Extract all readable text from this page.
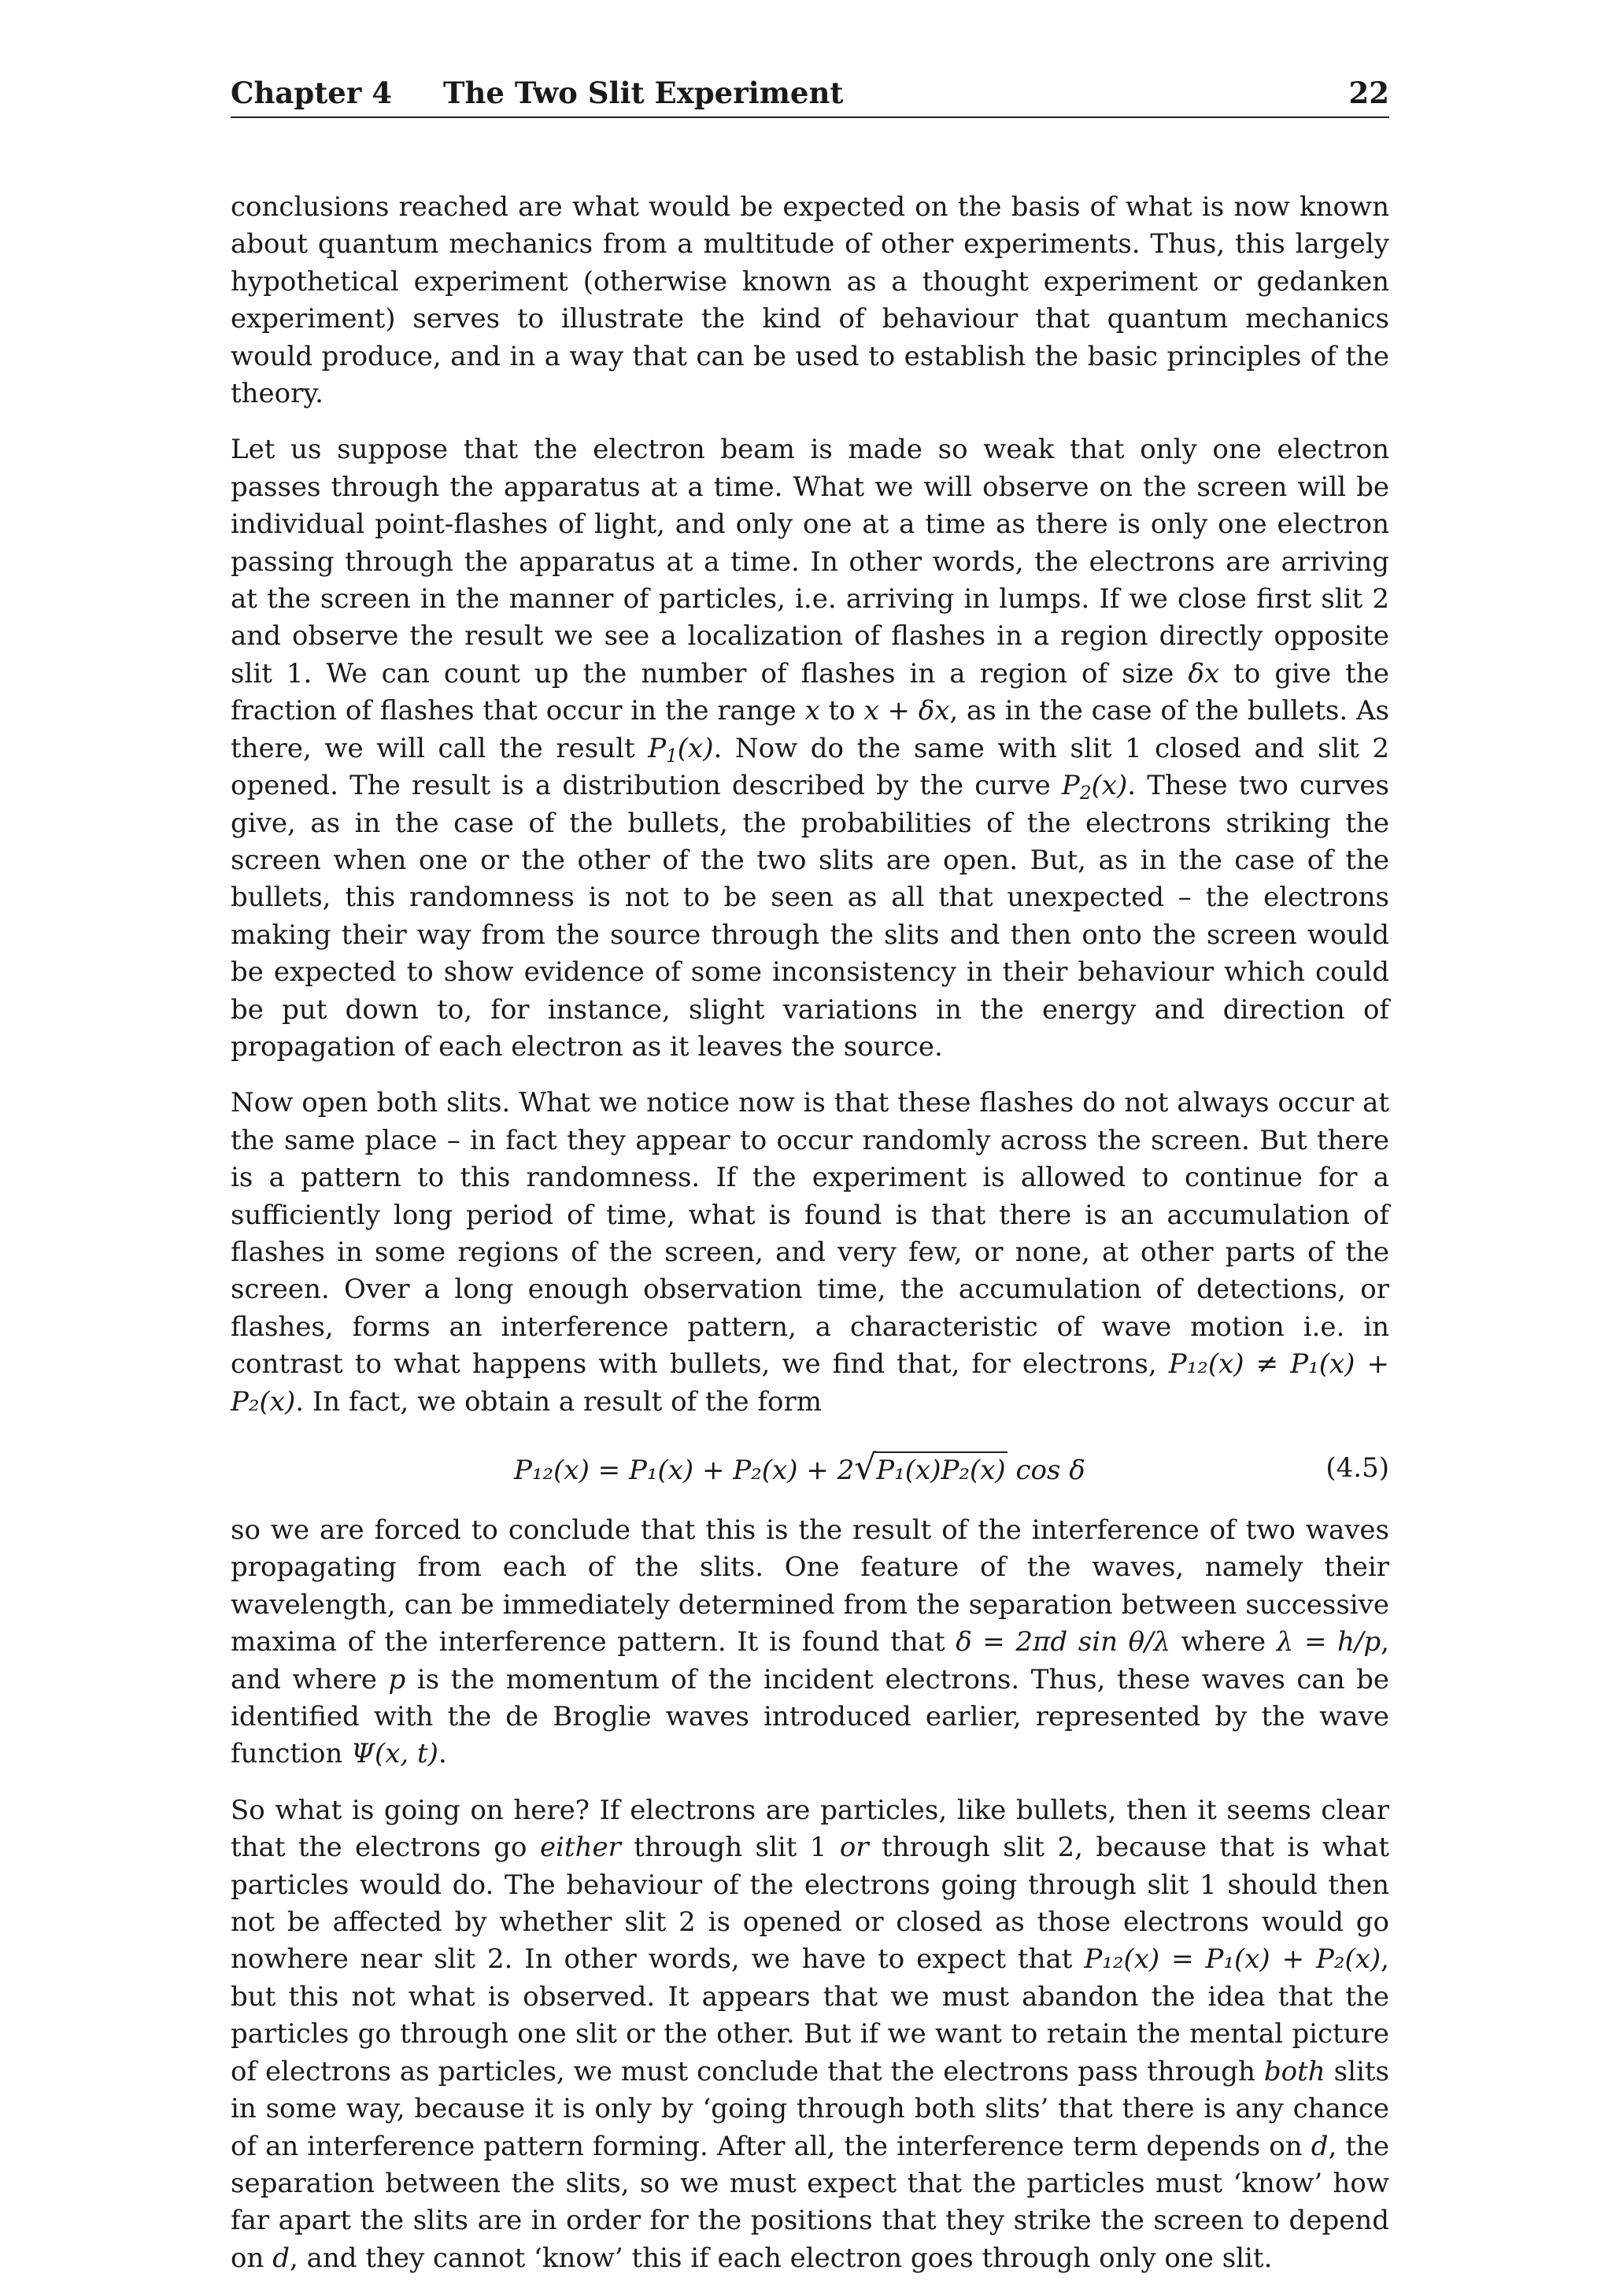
Chapter 4	The Two Slit Experiment	22

conclusions reached are what would be expected on the basis of what is now known about quantum mechanics from a multitude of other experiments. Thus, this largely hypothetical experiment (otherwise known as a thought experiment or gedanken experiment) serves to illustrate the kind of behaviour that quantum mechanics would produce, and in a way that can be used to establish the basic principles of the theory.

Let us suppose that the electron beam is made so weak that only one electron passes through the apparatus at a time. What we will observe on the screen will be individual point-flashes of light, and only one at a time as there is only one electron passing through the apparatus at a time. In other words, the electrons are arriving at the screen in the manner of particles, i.e. arriving in lumps. If we close first slit 2 and observe the result we see a localization of flashes in a region directly opposite slit 1. We can count up the number of flashes in a region of size δx to give the fraction of flashes that occur in the range x to x + δx, as in the case of the bullets. As there, we will call the result $P_1(x)$. Now do the same with slit 1 closed and slit 2 opened. The result is a distribution described by the curve $P_2(x)$. These two curves give, as in the case of the bullets, the probabilities of the electrons striking the screen when one or the other of the two slits are open. But, as in the case of the bullets, this randomness is not to be seen as all that unexpected – the electrons making their way from the source through the slits and then onto the screen would be expected to show evidence of some inconsistency in their behaviour which could be put down to, for instance, slight variations in the energy and direction of propagation of each electron as it leaves the source.

Now open both slits. What we notice now is that these flashes do not always occur at the same place – in fact they appear to occur randomly across the screen. But there is a pattern to this randomness. If the experiment is allowed to continue for a sufficiently long period of time, what is found is that there is an accumulation of flashes in some regions of the screen, and very few, or none, at other parts of the screen. Over a long enough observation time, the accumulation of detections, or flashes, forms an interference pattern, a characteristic of wave motion i.e. in contrast to what happens with bullets, we find that, for electrons, P₁₂(x) ≠ P₁(x) + P₂(x). In fact, we obtain a result of the form

P₁₂(x) = P₁(x) + P₂(x) + 2√P₁(x)P₂(x) cos δ	(4.5)

so we are forced to conclude that this is the result of the interference of two waves propagating from each of the slits. One feature of the waves, namely their wavelength, can be immediately determined from the separation between successive maxima of the interference pattern. It is found that δ = 2πd sin θ/λ where λ = h/p, and where p is the momentum of the incident electrons. Thus, these waves can be identified with the de Broglie waves introduced earlier, represented by the wave function Ψ(x, t).

So what is going on here? If electrons are particles, like bullets, then it seems clear that the electrons go either through slit 1 or through slit 2, because that is what particles would do. The behaviour of the electrons going through slit 1 should then not be affected by whether slit 2 is opened or closed as those electrons would go nowhere near slit 2. In other words, we have to expect that P₁₂(x) = P₁(x) + P₂(x), but this not what is observed. It appears that we must abandon the idea that the particles go through one slit or the other. But if we want to retain the mental picture of electrons as particles, we must conclude that the electrons pass through both slits in some way, because it is only by ‘going through both slits’ that there is any chance of an interference pattern forming. After all, the interference term depends on d, the separation between the slits, so we must expect that the particles must ‘know’ how far apart the slits are in order for the positions that they strike the screen to depend on d, and they cannot ‘know’ this if each electron goes through only one slit.
